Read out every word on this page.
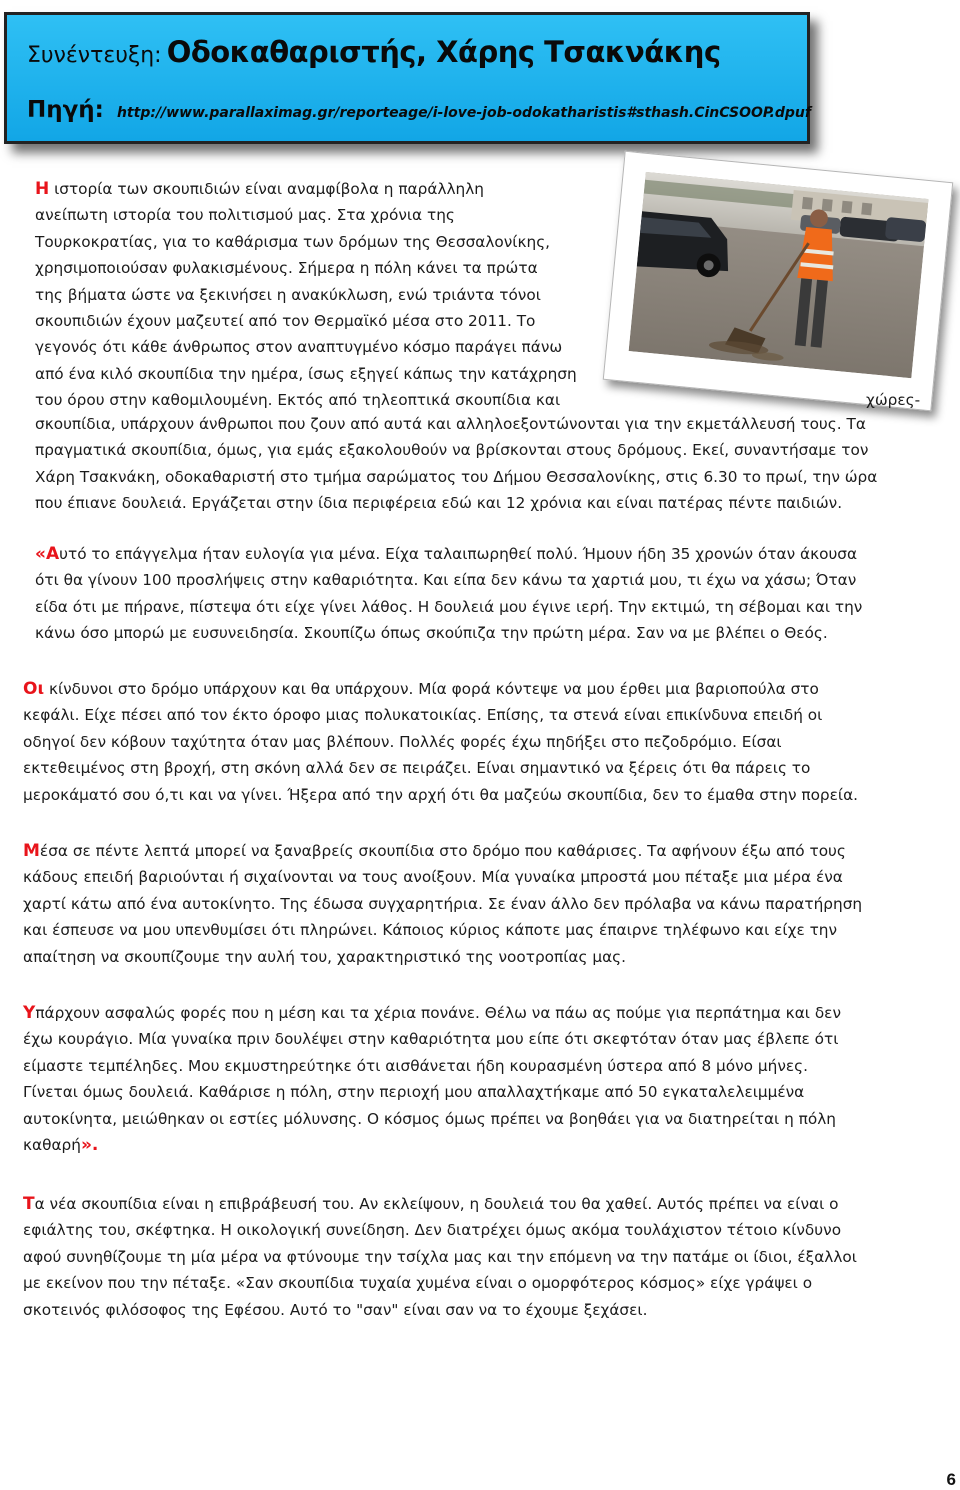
Συνέντευξη: Οδοκαθαριστής, Χάρης Τσακνάκης
Πηγή: http://www.parallaximag.gr/reporteage/i-love-job-odokatharistis#sthash.CinCSOOP.dpuf
Η ιστορία των σκουπιδιών είναι αναμφίβολα η παράλληλη
ανείπωτη ιστορία του πολιτισμού μας. Στα χρόνια της
Τουρκοκρατίας, για το καθάρισμα των δρόμων της Θεσσαλονίκης,
χρησιμοποιούσαν φυλακισμένους. Σήμερα η πόλη κάνει τα πρώτα
της βήματα ώστε να ξεκινήσει η ανακύκλωση, ενώ τριάντα τόνοι
σκουπιδιών έχουν μαζευτεί από τον Θερμαϊκό μέσα στο 2011. Το
γεγονός ότι κάθε άνθρωπος στον αναπτυγμένο κόσμο παράγει πάνω
από ένα κιλό σκουπίδια την ημέρα, ίσως εξηγεί κάπως την κατάχρηση
του όρου στην καθομιλουμένη. Εκτός από τηλεοπτικά σκουπίδια και	χώρες-
σκουπίδια, υπάρχουν άνθρωποι που ζουν από αυτά και αλληλοεξοντώνονται για την εκμετάλλευσή τους. Τα
πραγματικά σκουπίδια, όμως, για εμάς εξακολουθούν να βρίσκονται στους δρόμους. Εκεί, συναντήσαμε τον
Χάρη Τσακνάκη, οδοκαθαριστή στο τμήμα σαρώματος του Δήμου Θεσσαλονίκης, στις 6.30 το πρωί, την ώρα
που έπιανε δουλειά. Εργάζεται στην ίδια περιφέρεια εδώ και 12 χρόνια και είναι πατέρας πέντε παιδιών.
«Αυτό το επάγγελμα ήταν ευλογία για μένα. Είχα ταλαιπωρηθεί πολύ. Ήμουν ήδη 35 χρονών όταν άκουσα
ότι θα γίνουν 100 προσλήψεις στην καθαριότητα. Και είπα δεν κάνω τα χαρτιά μου, τι έχω να χάσω; Όταν
είδα ότι με πήρανε, πίστεψα ότι είχε γίνει λάθος. Η δουλειά μου έγινε ιερή. Την εκτιμώ, τη σέβομαι και την
κάνω όσο μπορώ με ευσυνειδησία. Σκουπίζω όπως σκούπιζα την πρώτη μέρα. Σαν να με βλέπει ο Θεός.
Οι κίνδυνοι στο δρόμο υπάρχουν και θα υπάρχουν. Μία φορά κόντεψε να μου έρθει μια βαριοπούλα στο
κεφάλι. Είχε πέσει από τον έκτο όροφο μιας πολυκατοικίας. Επίσης, τα στενά είναι επικίνδυνα επειδή οι
οδηγοί δεν κόβουν ταχύτητα όταν μας βλέπουν. Πολλές φορές έχω πηδήξει στο πεζοδρόμιο. Είσαι
εκτεθειμένος στη βροχή, στη σκόνη αλλά δεν σε πειράζει. Είναι σημαντικό να ξέρεις ότι θα πάρεις το
μεροκάματό σου ό,τι και να γίνει. Ήξερα από την αρχή ότι θα μαζεύω σκουπίδια, δεν το έμαθα στην πορεία.
Μέσα σε πέντε λεπτά μπορεί να ξαναβρείς σκουπίδια στο δρόμο που καθάρισες. Τα αφήνουν έξω από τους
κάδους επειδή βαριούνται ή σιχαίνονται να τους ανοίξουν. Μία γυναίκα μπροστά μου πέταξε μια μέρα ένα
χαρτί κάτω από ένα αυτοκίνητο. Της έδωσα συγχαρητήρια. Σε έναν άλλο δεν πρόλαβα να κάνω παρατήρηση
και έσπευσε να μου υπενθυμίσει ότι πληρώνει. Κάποιος κύριος κάποτε μας έπαιρνε τηλέφωνο και είχε την
απαίτηση να σκουπίζουμε την αυλή του, χαρακτηριστικό της νοοτροπίας μας.
Υπάρχουν ασφαλώς φορές που η μέση και τα χέρια πονάνε. Θέλω να πάω ας πούμε για περπάτημα και δεν
έχω κουράγιο. Μία γυναίκα πριν δουλέψει στην καθαριότητα μου είπε ότι σκεφτόταν όταν μας έβλεπε ότι
είμαστε τεμπέληδες. Μου εκμυστηρεύτηκε ότι αισθάνεται ήδη κουρασμένη ύστερα από 8 μόνο μήνες.
Γίνεται όμως δουλειά. Καθάρισε η πόλη, στην περιοχή μου απαλλαχτήκαμε από 50 εγκαταλελειμμένα
αυτοκίνητα, μειώθηκαν οι εστίες μόλυνσης. Ο κόσμος όμως πρέπει να βοηθάει για να διατηρείται η πόλη
καθαρή».
Τα νέα σκουπίδια είναι η επιβράβευσή του. Αν εκλείψουν, η δουλειά του θα χαθεί. Αυτός πρέπει να είναι ο
εφιάλτης του, σκέφτηκα. Η οικολογική συνείδηση. Δεν διατρέχει όμως ακόμα τουλάχιστον τέτοιο κίνδυνο
αφού συνηθίζουμε τη μία μέρα να φτύνουμε την τσίχλα μας και την επόμενη να την πατάμε οι ίδιοι, έξαλλοι
με εκείνον που την πέταξε. «Σαν σκουπίδια τυχαία χυμένα είναι ο ομορφότερος κόσμος» είχε γράψει ο
σκοτεινός φιλόσοφος της Εφέσου. Αυτό το "σαν" είναι σαν να το έχουμε ξεχάσει.
6
